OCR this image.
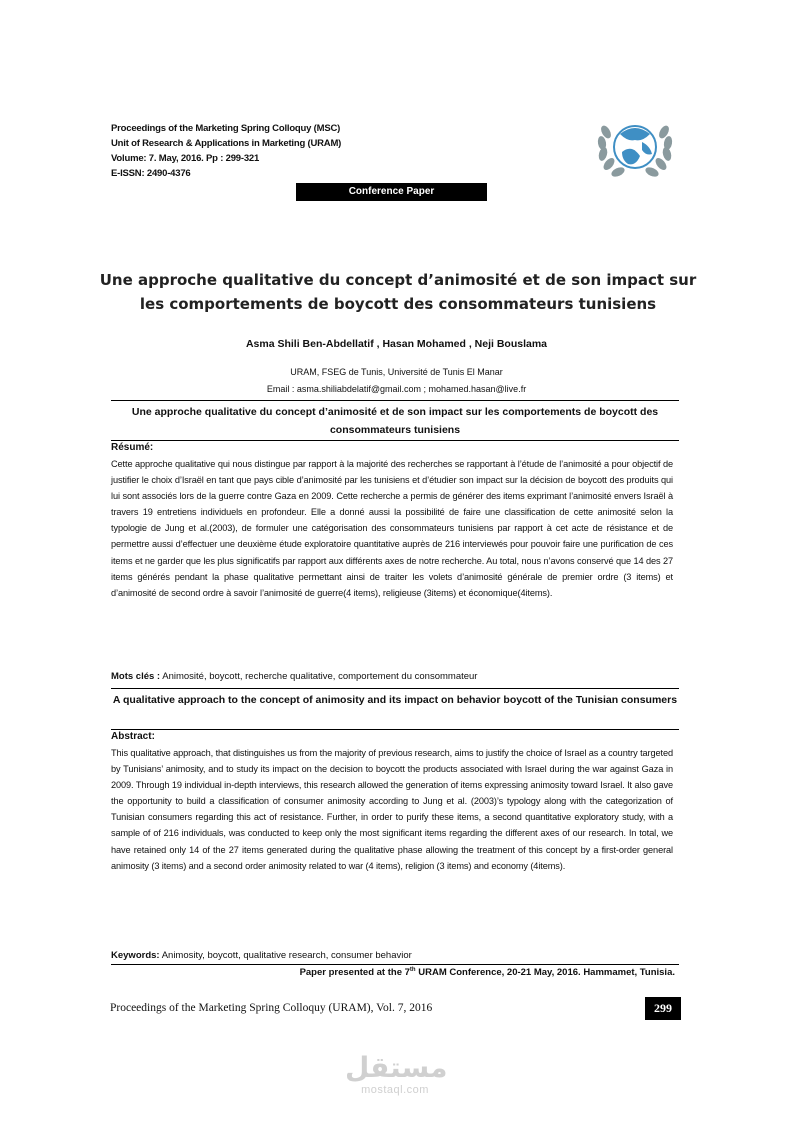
Proceedings of the Marketing Spring Colloquy (MSC)
Unit of Research & Applications in Marketing (URAM)
Volume: 7. May, 2016. Pp : 299-321
E-ISSN: 2490-4376
Conference Paper
Une approche qualitative du concept d’animosité et de son impact sur les comportements de boycott des consommateurs tunisiens
Asma Shili Ben-Abdellatif , Hasan Mohamed , Neji Bouslama
URAM, FSEG de Tunis, Université de Tunis El Manar
Email : asma.shiliabdelatif@gmail.com ; mohamed.hasan@live.fr
Une approche qualitative du concept d’animosité et de son impact sur les comportements de boycott des consommateurs tunisiens
Résumé:
Cette approche qualitative qui nous distingue par rapport à la majorité des recherches se rapportant à l’étude de l’animosité a pour objectif de justifier le choix d’Israël en tant que pays cible d’animosité par les tunisiens et d’étudier son impact sur la décision de boycott des produits qui lui sont associés lors de la guerre contre Gaza en 2009. Cette recherche a permis de générer des items exprimant l’animosité envers Israël à travers 19 entretiens individuels en profondeur. Elle a donné aussi la possibilité de faire une classification de cette animosité selon la typologie de Jung et al.(2003), de formuler une catégorisation des consommateurs tunisiens par rapport à cet acte de résistance et de permettre aussi d’effectuer une deuxième étude exploratoire quantitative auprès de 216 interviewés pour pouvoir faire une purification de ces items et ne garder que les plus significatifs par rapport aux différents axes de notre recherche. Au total, nous n’avons conservé que 14 des 27 items générés pendant la phase qualitative permettant ainsi de traiter les volets d’animosité générale de premier ordre (3 items) et d’animosité de second ordre à savoir l’animosité de guerre(4 items), religieuse (3items) et économique(4items).
Mots clés : Animosité, boycott, recherche qualitative, comportement du consommateur
A qualitative approach to the concept of animosity and its impact on behavior boycott of the Tunisian consumers
Abstract:
This qualitative approach, that distinguishes us from the majority of previous research, aims to justify the choice of Israel as a country targeted by Tunisians’ animosity, and to study its impact on the decision to boycott the products associated with Israel during the war against Gaza in 2009. Through 19 individual in-depth interviews, this research allowed the generation of items expressing animosity toward Israel. It also gave the opportunity to build a classification of consumer animosity according to Jung et al. (2003)’s typology along with the categorization of Tunisian consumers regarding this act of resistance. Further, in order to purify these items, a second quantitative exploratory study, with a sample of of 216 individuals, was conducted to keep only the most significant items regarding the different axes of our research. In total, we have retained only 14 of the 27 items generated during the qualitative phase allowing the treatment of this concept by a first-order general animosity (3 items) and a second order animosity related to war (4 items), religion (3 items) and economy (4items).
Keywords: Animosity, boycott, qualitative research, consumer behavior
Paper presented at the 7th URAM Conference, 20-21 May, 2016. Hammamet, Tunisia.
Proceedings of the Marketing Spring Colloquy (URAM), Vol. 7, 2016	299
مستقل
mostaql.com
